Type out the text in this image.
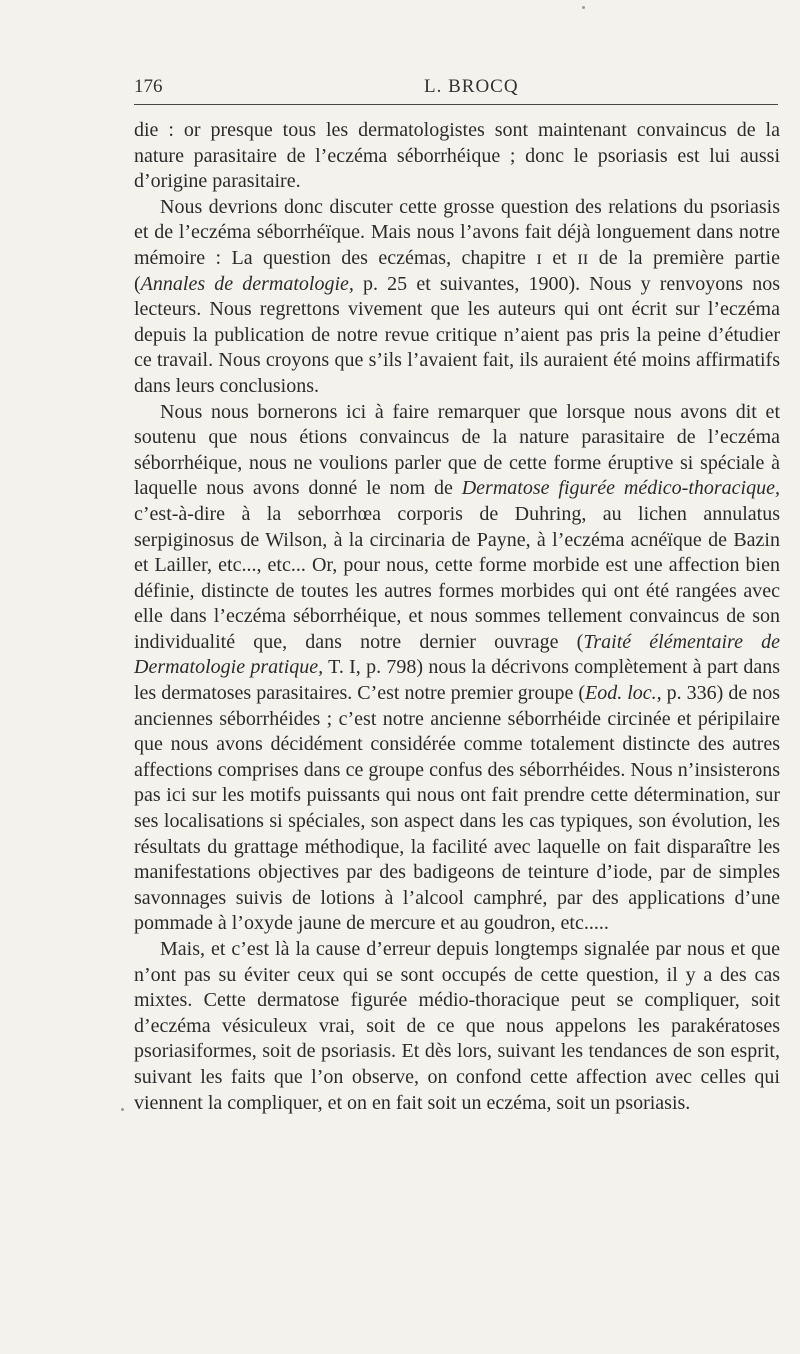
176	L. BROCQ

die : or presque tous les dermatologistes sont maintenant convaincus de la nature parasitaire de l’eczéma séborrhéique ; donc le psoriasis est lui aussi d’origine parasitaire.

Nous devrions donc discuter cette grosse question des relations du psoriasis et de l’eczéma séborrhéïque. Mais nous l’avons fait déjà longuement dans notre mémoire : La question des eczémas, chapitre ɪ et ɪɪ de la première partie (Annales de dermatologie, p. 25 et suivantes, 1900). Nous y renvoyons nos lecteurs. Nous regrettons vivement que les auteurs qui ont écrit sur l’eczéma depuis la publication de notre revue critique n’aient pas pris la peine d’étudier ce travail. Nous croyons que s’ils l’avaient fait, ils auraient été moins affirmatifs dans leurs conclusions.

Nous nous bornerons ici à faire remarquer que lorsque nous avons dit et soutenu que nous étions convaincus de la nature parasitaire de l’eczéma séborrhéique, nous ne voulions parler que de cette forme éruptive si spéciale à laquelle nous avons donné le nom de Dermatose figurée médico-thoracique, c’est-à-dire à la seborrhœa corporis de Duhring, au lichen annulatus serpiginosus de Wilson, à la circinaria de Payne, à l’eczéma acnéïque de Bazin et Lailler, etc..., etc... Or, pour nous, cette forme morbide est une affection bien définie, distincte de toutes les autres formes morbides qui ont été rangées avec elle dans l’eczéma séborrhéique, et nous sommes tellement convaincus de son individualité que, dans notre dernier ouvrage (Traité élémentaire de Dermatologie pratique, T. I, p. 798) nous la décrivons complètement à part dans les dermatoses parasitaires. C’est notre premier groupe (Eod. loc., p. 336) de nos anciennes séborrhéides ; c’est notre ancienne séborrhéide circinée et péripilaire que nous avons décidément considérée comme totalement distincte des autres affections comprises dans ce groupe confus des séborrhéides. Nous n’insisterons pas ici sur les motifs puissants qui nous ont fait prendre cette détermination, sur ses localisations si spéciales, son aspect dans les cas typiques, son évolution, les résultats du grattage méthodique, la facilité avec laquelle on fait disparaître les manifestations objectives par des badigeons de teinture d’iode, par de simples savonnages suivis de lotions à l’alcool camphré, par des applications d’une pommade à l’oxyde jaune de mercure et au goudron, etc.....

Mais, et c’est là la cause d’erreur depuis longtemps signalée par nous et que n’ont pas su éviter ceux qui se sont occupés de cette question, il y a des cas mixtes. Cette dermatose figurée médio-thoracique peut se compliquer, soit d’eczéma vésiculeux vrai, soit de ce que nous appelons les parakératoses psoriasiformes, soit de psoriasis. Et dès lors, suivant les tendances de son esprit, suivant les faits que l’on observe, on confond cette affection avec celles qui viennent la compliquer, et on en fait soit un eczéma, soit un psoriasis.
